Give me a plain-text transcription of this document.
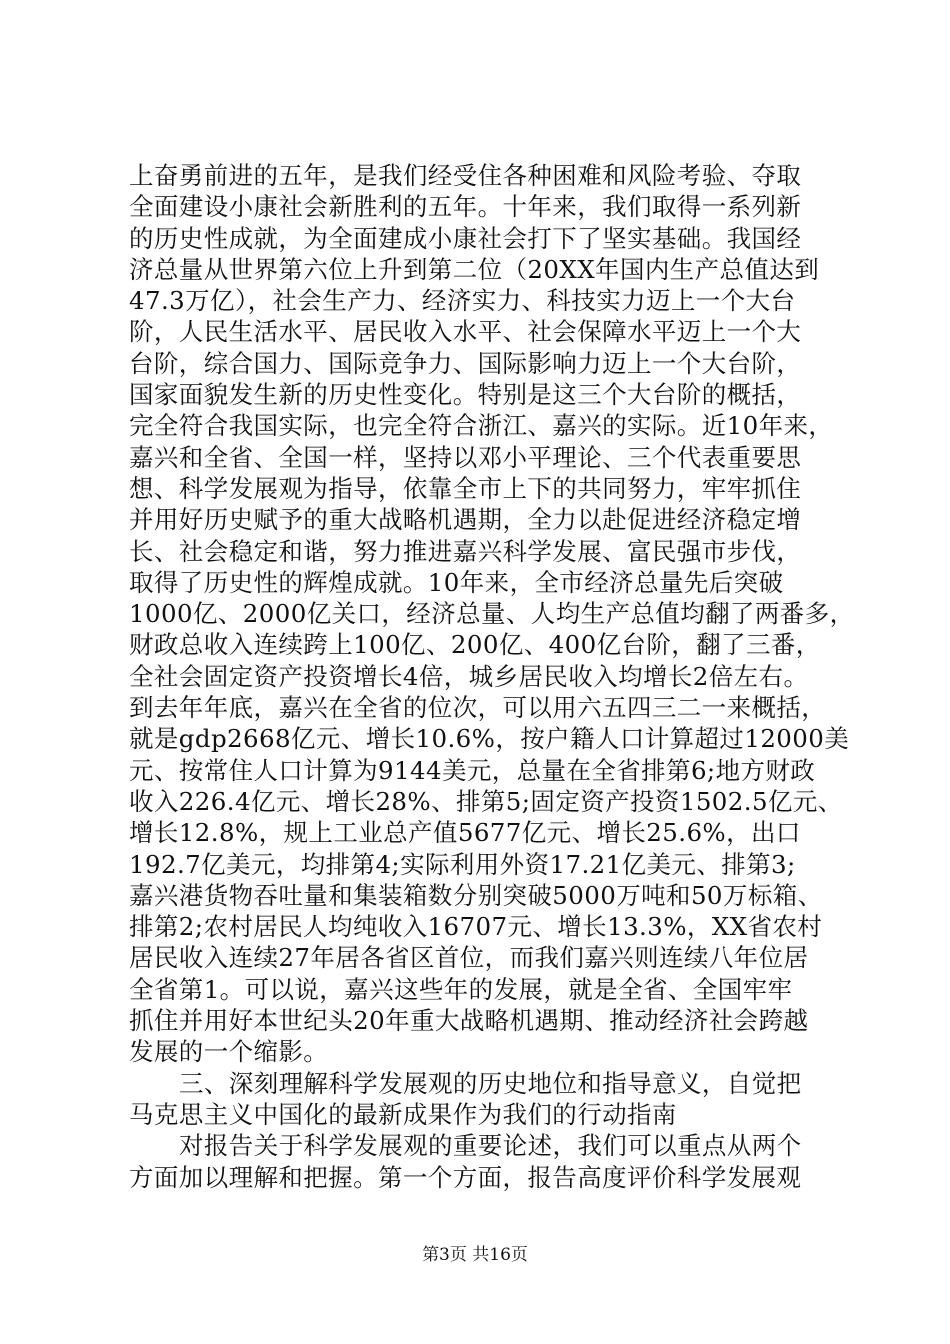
上奋勇前进的五年，是我们经受住各种困难和风险考验、夺取
全面建设小康社会新胜利的五年。十年来，我们取得一系列新
的历史性成就，为全面建成小康社会打下了坚实基础。我国经
济总量从世界第六位上升到第二位（20XX年国内生产总值达到
47.3万亿），社会生产力、经济实力、科技实力迈上一个大台
阶，人民生活水平、居民收入水平、社会保障水平迈上一个大
台阶，综合国力、国际竞争力、国际影响力迈上一个大台阶，
国家面貌发生新的历史性变化。特别是这三个大台阶的概括，
完全符合我国实际，也完全符合浙江、嘉兴的实际。近10年来，
嘉兴和全省、全国一样，坚持以邓小平理论、三个代表重要思
想、科学发展观为指导，依靠全市上下的共同努力，牢牢抓住
并用好历史赋予的重大战略机遇期，全力以赴促进经济稳定增
长、社会稳定和谐，努力推进嘉兴科学发展、富民强市步伐，
取得了历史性的辉煌成就。10年来，全市经济总量先后突破
1000亿、2000亿关口，经济总量、人均生产总值均翻了两番多，
财政总收入连续跨上100亿、200亿、400亿台阶，翻了三番，
全社会固定资产投资增长4倍，城乡居民收入均增长2倍左右。
到去年年底，嘉兴在全省的位次，可以用六五四三二一来概括，
就是gdp2668亿元、增长10.6%，按户籍人口计算超过12000美
元、按常住人口计算为9144美元，总量在全省排第6;地方财政
收入226.4亿元、增长28%、排第5;固定资产投资1502.5亿元、
增长12.8%，规上工业总产值5677亿元、增长25.6%，出口
192.7亿美元，均排第4;实际利用外资17.21亿美元、排第3;
嘉兴港货物吞吐量和集装箱数分别突破5000万吨和50万标箱、
排第2;农村居民人均纯收入16707元、增长13.3%，XX省农村
居民收入连续27年居各省区首位，而我们嘉兴则连续八年位居
全省第1。可以说，嘉兴这些年的发展，就是全省、全国牢牢
抓住并用好本世纪头20年重大战略机遇期、推动经济社会跨越
发展的一个缩影。
三、深刻理解科学发展观的历史地位和指导意义，自觉把
马克思主义中国化的最新成果作为我们的行动指南
对报告关于科学发展观的重要论述，我们可以重点从两个
方面加以理解和把握。第一个方面，报告高度评价科学发展观
第3页 共16页
